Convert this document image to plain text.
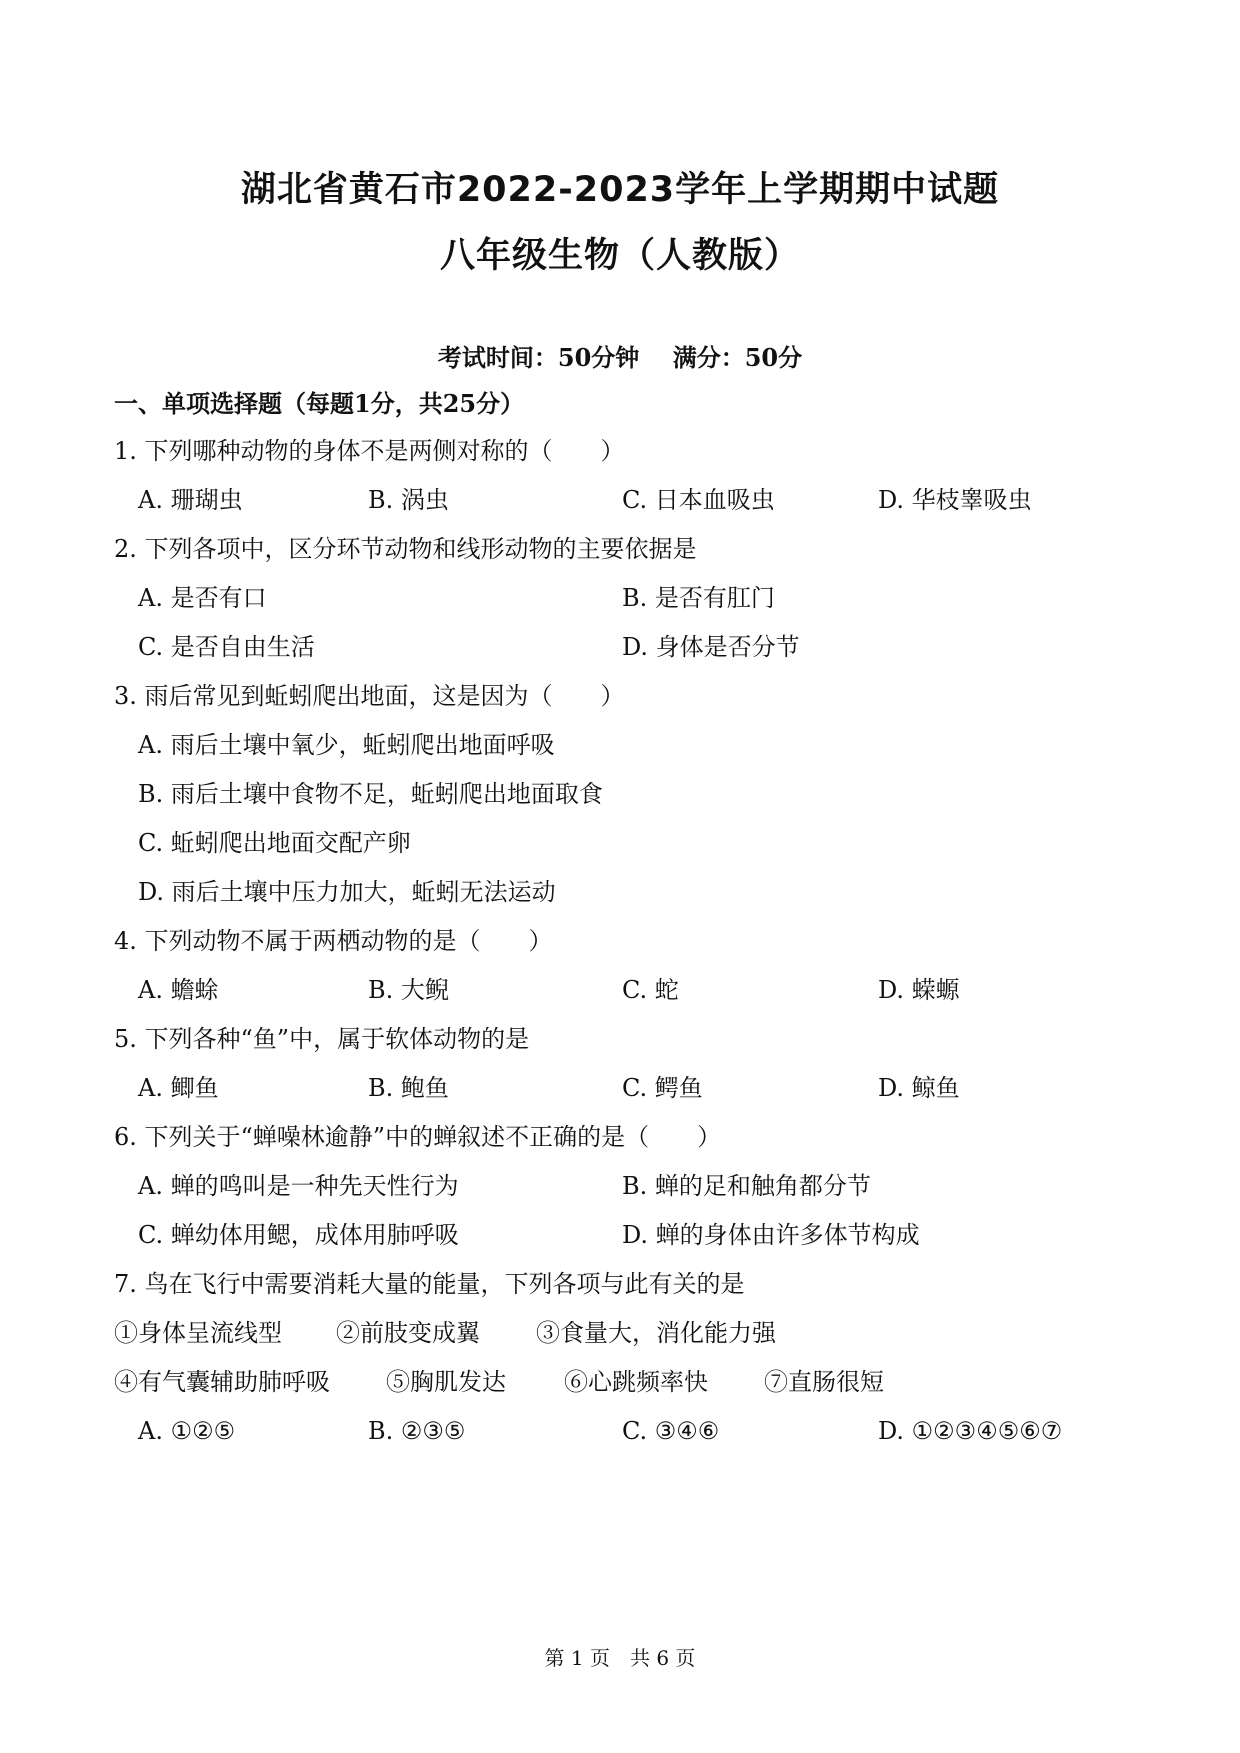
湖北省黄石市2022-2023学年上学期期中试题
八年级生物（人教版）
考试时间：50分钟    满分：50分
一、单项选择题（每题1分，共25分）
1. 下列哪种动物的身体不是两侧对称的（　　）
A. 珊瑚虫	B. 涡虫	C. 日本血吸虫	D. 华枝睾吸虫
2. 下列各项中，区分环节动物和线形动物的主要依据是
A. 是否有口	B. 是否有肛门
C. 是否自由生活	D. 身体是否分节
3. 雨后常见到蚯蚓爬出地面，这是因为（　　）
A. 雨后土壤中氧少，蚯蚓爬出地面呼吸
B. 雨后土壤中食物不足，蚯蚓爬出地面取食
C. 蚯蚓爬出地面交配产卵
D. 雨后土壤中压力加大，蚯蚓无法运动
4. 下列动物不属于两栖动物的是（　　）
A. 蟾蜍	B. 大鲵	C. 蛇	D. 蝾螈
5. 下列各种“鱼”中，属于软体动物的是
A. 鲫鱼	B. 鲍鱼	C. 鳄鱼	D. 鲸鱼
6. 下列关于“蝉噪林逾静”中的蝉叙述不正确的是（　　）
A. 蝉的鸣叫是一种先天性行为	B. 蝉的足和触角都分节
C. 蝉幼体用鳃，成体用肺呼吸	D. 蝉的身体由许多体节构成
7. 鸟在飞行中需要消耗大量的能量，下列各项与此有关的是
①身体呈流线型 ②前肢变成翼 ③食量大，消化能力强
④有气囊辅助肺呼吸 ⑤胸肌发达 ⑥心跳频率快 ⑦直肠很短
A. ①②⑤	B. ②③⑤	C. ③④⑥	D. ①②③④⑤⑥⑦
第 1 页　共 6 页
